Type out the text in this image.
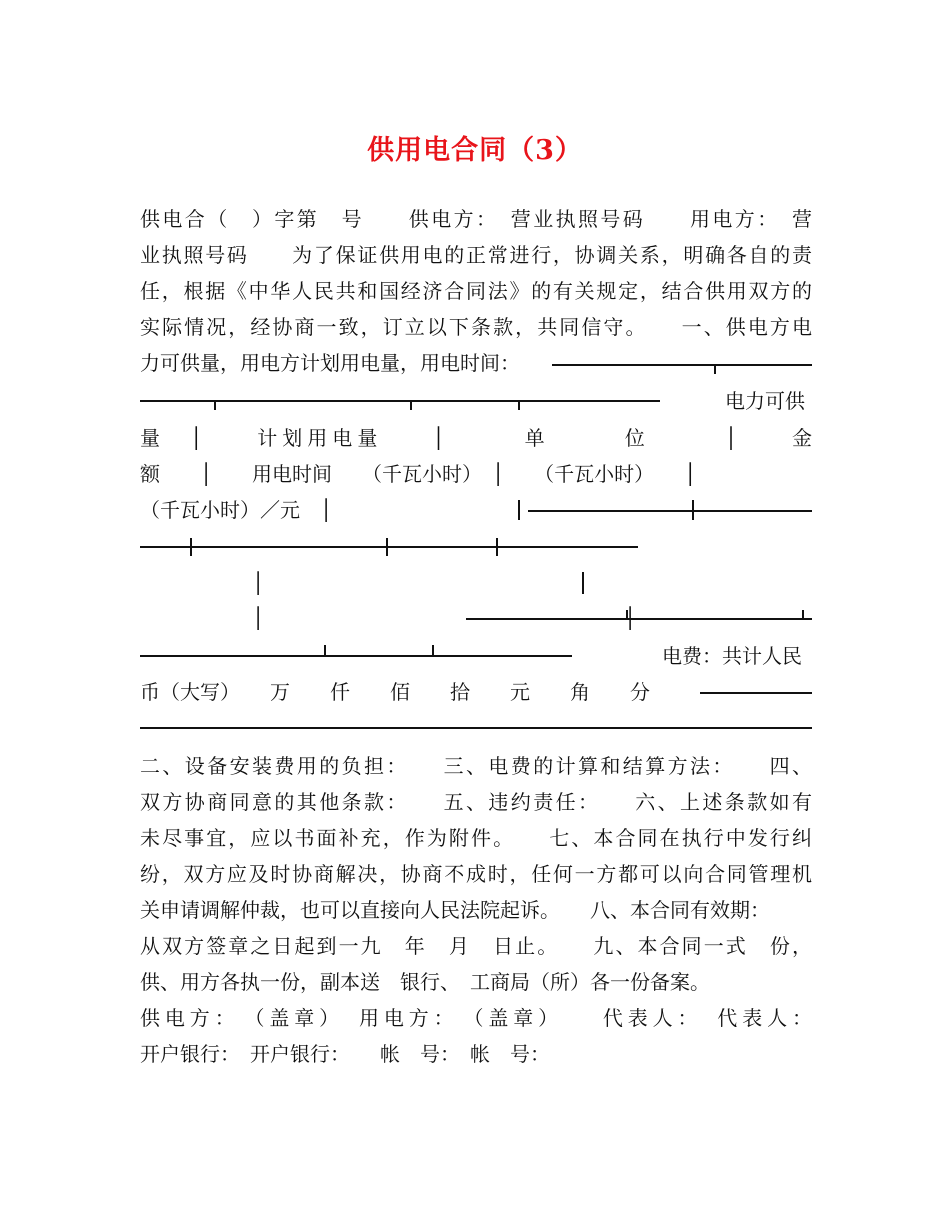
供用电合同（3）
供电合（　）字第　号　　供电方：　营业执照号码　　用电方：　营
业执照号码　　为了保证供用电的正常进行，协调关系，明确各自的责
任，根据《中华人民共和国经济合同法》的有关规定，结合供用双方的
实际情况，经协商一致，订立以下条款，共同信守。　　一、供电方电
力可供量，用电方计划用电量，用电时间：
电力可供
量　│　　计划用电量　　│　　　单　　　位　　　│　　金
额　　│　　用电时间　　（千瓦小时）　│　　（千瓦小时）　　│
（千瓦小时）／元　│
│
│　　　　　　　　　　　　　　　　　　│
电费：共计人民
币（大写）　　万　　仟　　佰　　拾　　元　　角　　分
二、设备安装费用的负担：　　三、电费的计算和结算方法：　　四、
双方协商同意的其他条款：　　五、违约责任：　　六、上述条款如有
未尽事宜，应以书面补充，作为附件。　　七、本合同在执行中发行纠
纷，双方应及时协商解决，协商不成时，任何一方都可以向合同管理机
关申请调解仲裁，也可以直接向人民法院起诉。　　八、本合同有效期：
从双方签章之日起到一九　年　月　日止。　　九、本合同一式　份，
供、用方各执一份，副本送　银行、　工商局（所）各一份备案。
供电方：　（盖章）　用电方：　（盖章）　　代表人：　代表人：
开户银行：　开户银行：　　帐　号：　帐　号：
